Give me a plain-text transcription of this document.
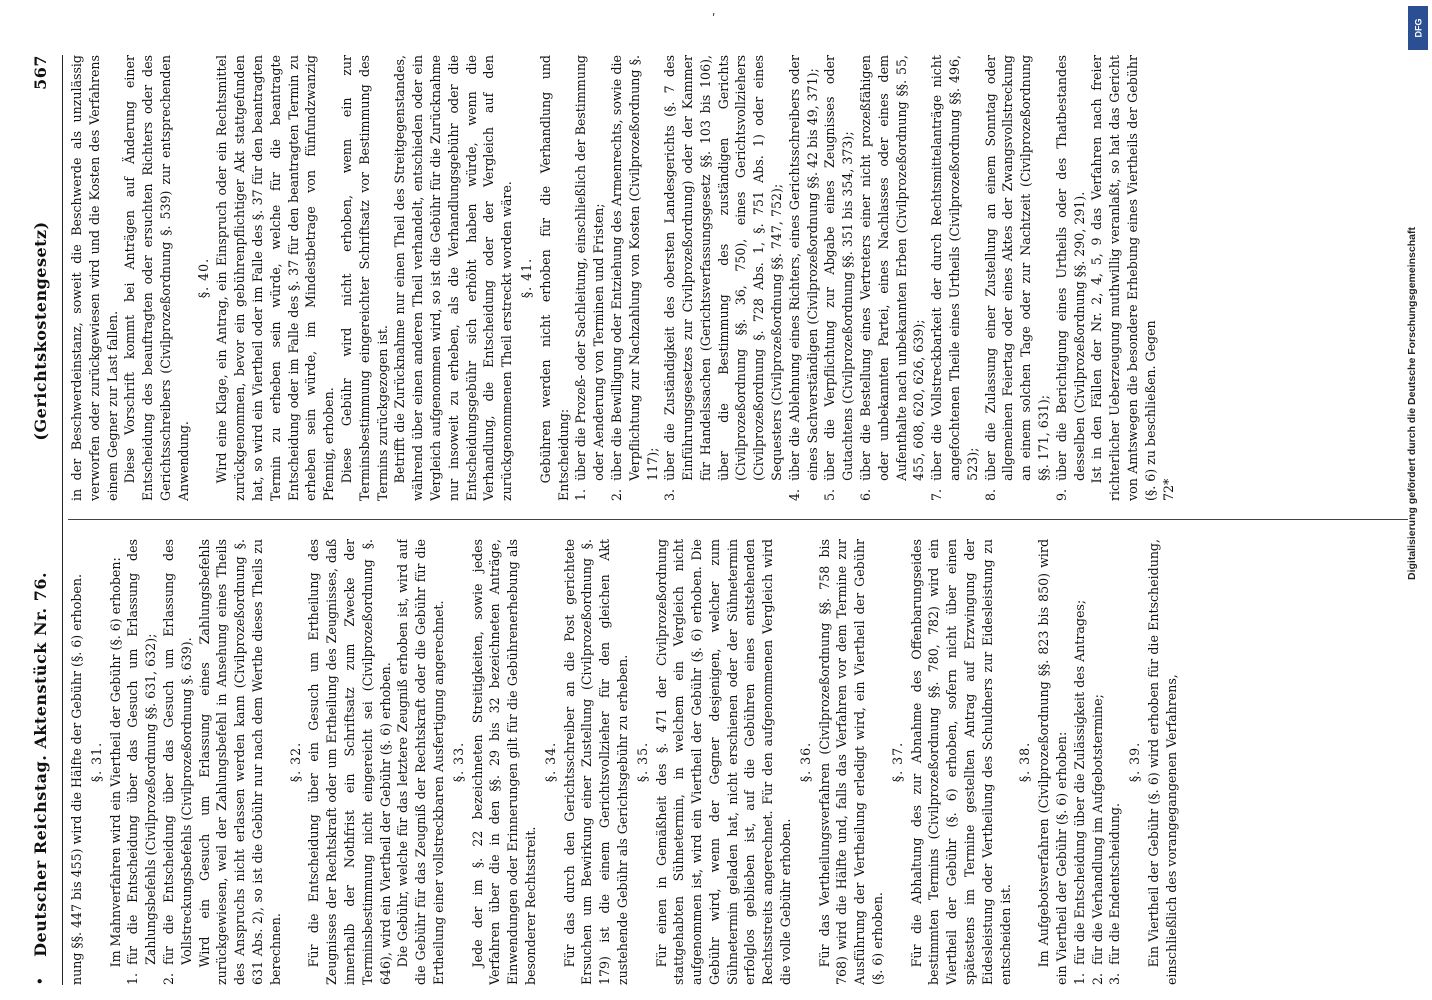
•
Deutscher Reichstag. Aktenstück Nr. 76.
(Gerichtskostengesetz)
567

nung §§. 447 bis 455) wird die Hälfte der Gebühr (§. 6) erhoben. §. 31. Im Mahnverfahren wird ein Viertheil der Gebühr (§. 6) erhoben:

1.für die Entscheidung über das Gesuch um Erlassung des Zahlungsbefehls (Civilprozeßordnung §§. 631, 632);

2.für die Entscheidung über das Gesuch um Erlassung des Vollstreckungsbefehls (Civilprozeßordnung §. 639). Wird ein Gesuch um Erlassung eines Zahlungsbefehls zurückgewiesen, weil der Zahlungsbefehl in Ansehung eines Theils des Anspruchs nicht erlassen werden kann (Civilprozeßordnung §. 631 Abs. 2), so ist die Gebühr nur nach dem Werthe dieses Theils zu berechnen.

§. 32. Für die Entscheidung über ein Gesuch um Ertheilung des Zeugnisses der Rechtskraft oder um Ertheilung des Zeugnisses, daß innerhalb der Nothfrist ein Schriftsatz zum Zwecke der Terminsbestimmung nicht eingereicht sei (Civilprozeßordnung §. 646), wird ein Viertheil der Gebühr (§. 6) erhoben. Die Gebühr, welche für das letztere Zeugniß erhoben ist, wird auf die Gebühr für das Zeugniß der Rechtskraft oder die Gebühr für die Ertheilung einer vollstreckbaren Ausfertigung angerechnet. §. 33. Jede der im §. 22 bezeichneten Streitigkeiten, sowie jedes Verfahren über die in den §§. 29 bis 32 bezeichneten Anträge, Einwendungen oder Erinnerungen gilt für die Gebührenerhebung als besonderer Rechtsstreit.

§. 34. Für das durch den Gerichtsschreiber an die Post gerichtete Ersuchen um Bewirkung einer Zustellung (Civilprozeßordnung §. 179) ist die einem Gerichtsvollzieher für den gleichen Akt zustehende Gebühr als Gerichtsgebühr zu erheben. §. 35. Für einen in Gemäßheit des §. 471 der Civilprozeßordnung stattgehabten Sühnetermin, in welchem ein Vergleich nicht aufgenommen ist, wird ein Viertheil der Gebühr (§. 6) erhoben. Die Gebühr wird, wenn der Gegner desjenigen, welcher zum Sühnetermin geladen hat, nicht erschienen oder der Sühnetermin erfolglos geblieben ist, auf die Gebühren eines entstehenden Rechtsstreits angerechnet. Für den aufgenommenen Vergleich wird die volle Gebühr erhoben.

§. 36. Für das Vertheilungsverfahren (Civilprozeßordnung §§. 758 bis 768) wird die Hälfte und, falls das Verfahren vor dem Termine zur Ausführung der Vertheilung erledigt wird, ein Viertheil der Gebühr (§. 6) erhoben.

§. 37. Für die Abhaltung des zur Abnahme des Offenbarungseides bestimmten Termins (Civilprozeßordnung §§. 780, 782) wird ein Viertheil der Gebühr (§. 6) erhoben, sofern nicht über einen spätestens im Termine gestellten Antrag auf Erzwingung der Eidesleistung oder Vertheilung des Schuldners zur Eidesleistung zu entscheiden ist.

§. 38. Im Aufgebotsverfahren (Civilprozeßordnung §§. 823 bis 850) wird ein Viertheil der Gebühr (§. 6) erhoben: 1.für die Entscheidung über die Zulässigkeit des Antrages;

2.für die Verhandlung im Aufgebotstermine;

3.für die Endentscheidung.

§. 39. Ein Viertheil der Gebühr (§. 6) wird erhoben für die Entscheidung, einschließlich des vorangegangenen Verfahrens,

in der Beschwerdeinstanz, soweit die Beschwerde als unzulässig verworfen oder zurückgewiesen wird und die Kosten des Verfahrens einem Gegner zur Last fallen. Diese Vorschrift kommt bei Anträgen auf Änderung einer Entscheidung des beauftragten oder ersuchten Richters oder des Gerichtsschreibers (Civilprozeßordnung §. 539) zur entsprechenden Anwendung.

§. 40. Wird eine Klage, ein Antrag, ein Einspruch oder ein Rechtsmittel zurückgenommen, bevor ein gebührenpflichtiger Akt stattgefunden hat, so wird ein Viertheil oder im Falle des §. 37 für den beantragten Termin zu erheben sein würde, welche für die beantragte Entscheidung oder im Falle des §. 37 für den beantragten Termin zu erheben sein würde, im Mindestbetrage von fünfundzwanzig Pfennig, erhoben. Diese Gebühr wird nicht erhoben, wenn ein zur Terminsbestimmung eingereichter Schriftsatz vor Bestimmung des Termins zurückgezogen ist. Betrifft die Zurücknahme nur einen Theil des Streitgegenstandes, während über einen anderen Theil verhandelt, entschieden oder ein Vergleich aufgenommen wird, so ist die Gebühr für die Zurücknahme nur insoweit zu erheben, als die Verhandlungsgebühr oder die Entscheidungsgebühr sich erhöht haben würde, wenn die Verhandlung, die Entscheidung oder der Vergleich auf den zurückgenommenen Theil erstreckt worden wäre. §. 41. Gebühren werden nicht erhoben für die Verhandlung und Entscheidung: 1.über die Prozeß- oder Sachleitung, einschließlich der Bestimmung oder Aenderung von Terminen und Fristen;

2.über die Bewilligung oder Entziehung des Armenrechts, sowie die Verpflichtung zur Nachzahlung von Kosten (Civilprozeßordnung §. 117);

3.über die Zuständigkeit des obersten Landesgerichts (§. 7 des Einführungsgesetzes zur Civilprozeßordnung) oder der Kammer für Handelssachen (Gerichtsverfassungsgesetz §§. 103 bis 106), über die Bestimmung des zuständigen Gerichts (Civilprozeßordnung §§. 36, 750), eines Gerichtsvollziehers (Civilprozeßordnung §. 728 Abs. 1, §. 751 Abs. 1) oder eines Sequesters (Civilprozeßordnung §§. 747, 752);

4.über die Ablehnung eines Richters, eines Gerichtsschreibers oder eines Sachverständigen (Civilprozeßordnung §§. 42 bis 49, 371);

5.über die Verpflichtung zur Abgabe eines Zeugnisses oder Gutachtens (Civilprozeßordnung §§. 351 bis 354, 373);

6.über die Bestellung eines Vertreters einer nicht prozeßfähigen oder unbekannten Partei, eines Nachlasses oder eines dem Aufenthalte nach unbekannten Erben (Civilprozeßordnung §§. 55, 455, 608, 620, 626, 639);

7.über die Vollstreckbarkeit der durch Rechtsmittelanträge nicht angefochtenen Theile eines Urtheils (Civilprozeßordnung §§. 496, 523);

8.über die Zulassung einer Zustellung an einem Sonntag oder allgemeinen Feiertag oder eines Aktes der Zwangsvollstreckung an einem solchen Tage oder zur Nachtzeit (Civilprozeßordnung §§. 171, 631);

9.über die Berichtigung eines Urtheils oder des Thatbestandes desselben (Civilprozeßordnung §§. 290, 291). Ist in den Fällen der Nr. 2, 4, 5, 9 das Verfahren nach freier richterlicher Ueberzeugung muthwillig veranlaßt, so hat das Gericht von Amtswegen die besondere Erhebung eines Viertheils der Gebühr (§. 6) zu beschließen. Gegen 72*

DFG
Digitalisierung gefördert durch die Deutsche Forschungsgemeinschaft
ʹ
